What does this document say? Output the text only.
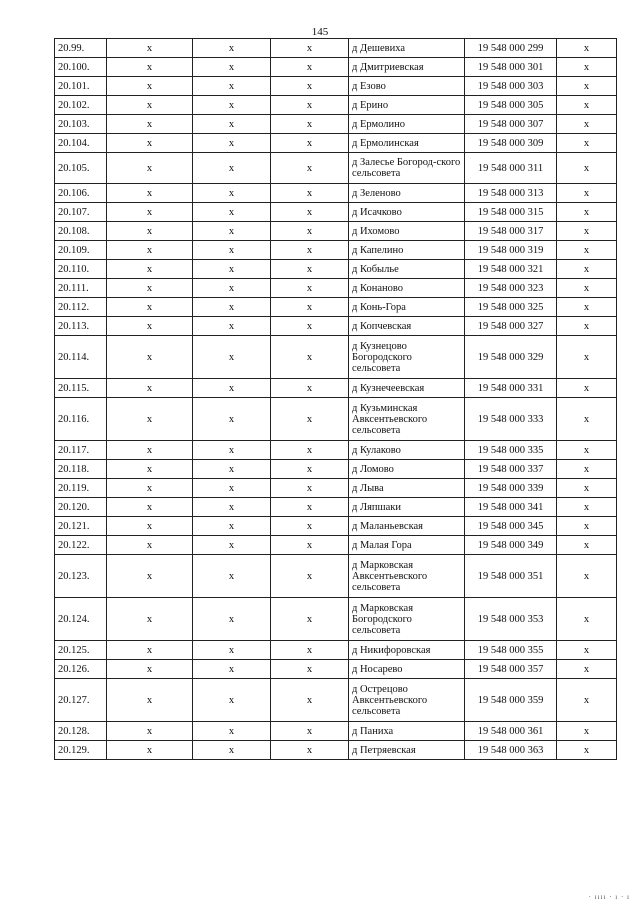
145
20.99.	x	x	x	д Дешевиха	19 548 000 299	x
20.100.	x	x	x	д Дмитриевская	19 548 000 301	x
20.101.	x	x	x	д Езово	19 548 000 303	x
20.102.	x	x	x	д Ерино	19 548 000 305	x
20.103.	x	x	x	д Ермолино	19 548 000 307	x
20.104.	x	x	x	д Ермолинская	19 548 000 309	x
20.105.	x	x	x	д Залесье Богород-ского сельсовета	19 548 000 311	x
20.106.	x	x	x	д Зеленово	19 548 000 313	x
20.107.	x	x	x	д Исачково	19 548 000 315	x
20.108.	x	x	x	д Ихомово	19 548 000 317	x
20.109.	x	x	x	д Капелино	19 548 000 319	x
20.110.	x	x	x	д Кобылье	19 548 000 321	x
20.111.	x	x	x	д Конаново	19 548 000 323	x
20.112.	x	x	x	д Конь-Гора	19 548 000 325	x
20.113.	x	x	x	д Копчевская	19 548 000 327	x
20.114.	x	x	x	д Кузнецово Богородского сельсовета	19 548 000 329	x
20.115.	x	x	x	д Кузнечеевская	19 548 000 331	x
20.116.	x	x	x	д Кузьминская Авксентьевского сельсовета	19 548 000 333	x
20.117.	x	x	x	д Кулаково	19 548 000 335	x
20.118.	x	x	x	д Ломово	19 548 000 337	x
20.119.	x	x	x	д Лыва	19 548 000 339	x
20.120.	x	x	x	д Ляпшаки	19 548 000 341	x
20.121.	x	x	x	д Маланьевская	19 548 000 345	x
20.122.	x	x	x	д Малая Гора	19 548 000 349	x
20.123.	x	x	x	д Марковская Авксентьевского сельсовета	19 548 000 351	x
20.124.	x	x	x	д Марковская Богородского сельсовета	19 548 000 353	x
20.125.	x	x	x	д Никифоровская	19 548 000 355	x
20.126.	x	x	x	д Носарево	19 548 000 357	x
20.127.	x	x	x	д Острецово Авксентьевского сельсовета	19 548 000 359	x
20.128.	x	x	x	д Паниха	19 548 000 361	x
20.129.	x	x	x	д Петряевская	19 548 000 363	x
· ıııı · ı · ı
